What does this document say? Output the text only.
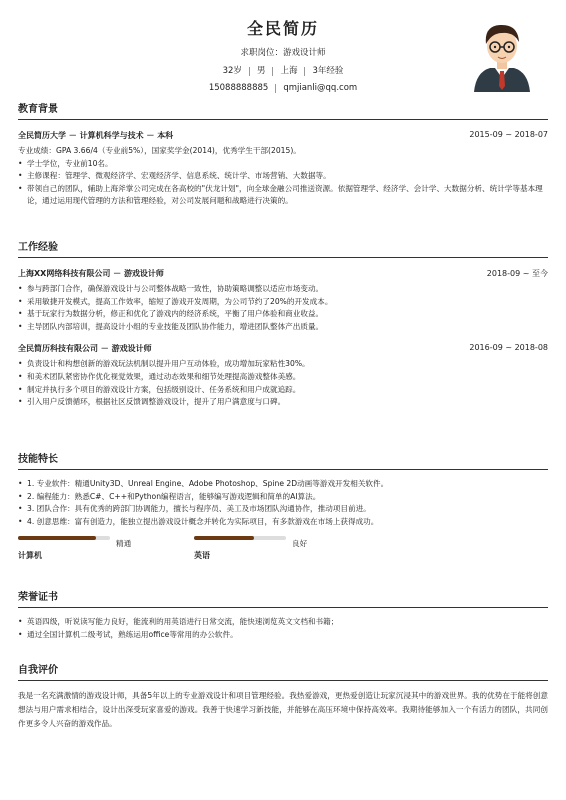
全民简历
求职岗位：游戏设计师
32岁 男 上海 3年经验
15088888885 qmjianli@qq.com
教育背景
全民简历大学 － 计算机科学与技术 － 本科	2015-09 ~ 2018-07
专业成绩：GPA 3.66/4（专业前5%），国家奖学金(2014)，优秀学生干部(2015)。
• 学士学位，专业前10名。
• 主修课程：管理学、微观经济学、宏观经济学、信息系统、统计学、市场营销、大数据等。
• 带领自己的团队，辅助上海斧掌公司完成在各高校的"伏龙计划"，向全球金融公司推送资源。依据管理学、经济学、会计学、大数据分析、统计学等基本理论，通过运用现代管理的方法和管理经验，对公司发展问题和战略进行决策的。
工作经验
上海XX网络科技有限公司 － 游戏设计师	2018-09 ~ 至今
• 参与跨部门合作，确保游戏设计与公司整体战略一致性，协助策略调整以适应市场变动。
• 采用敏捷开发模式，提高工作效率，缩短了游戏开发周期，为公司节约了20%的开发成本。
• 基于玩家行为数据分析，修正和优化了游戏内的经济系统，平衡了用户体验和商业收益。
• 主导团队内部培训，提高设计小组的专业技能及团队协作能力，增进团队整体产出质量。
全民简历科技有限公司 － 游戏设计师	2016-09 ~ 2018-08
• 负责设计和构想创新的游戏玩法机制以提升用户互动体验，成功增加玩家粘性30%。
• 和美术团队紧密协作优化视觉效果，通过动态效果和细节处理提高游戏整体美感。
• 制定并执行多个项目的游戏设计方案，包括级别设计、任务系统和用户成就追踪。
• 引入用户反馈循环，根据社区反馈调整游戏设计，提升了用户满意度与口碑。
技能特长
• 1. 专业软件：精通Unity3D、Unreal Engine、Adobe Photoshop、Spine 2D动画等游戏开发相关软件。
• 2. 编程能力：熟悉C#、C++和Python编程语言，能够编写游戏逻辑和简单的AI算法。
• 3. 团队合作：具有优秀的跨部门协调能力，擅长与程序员、美工及市场团队沟通协作，推动项目前进。
• 4. 创意思维：富有创造力，能独立提出游戏设计概念并转化为实际项目，有多款游戏在市场上获得成功。
精通
计算机
良好
英语
荣誉证书
• 英语四级，听说读写能力良好，能流利的用英语进行日常交流，能快速浏览英文文档和书籍；
• 通过全国计算机二级考试，熟练运用office等常用的办公软件。
自我评价
我是一名充满激情的游戏设计师，具备5年以上的专业游戏设计和项目管理经验。我热爱游戏，更热爱创造让玩家沉浸其中的游戏世界。我的优势在于能将创意想法与用户需求相结合，设计出深受玩家喜爱的游戏。我善于快速学习新技能，并能够在高压环境中保持高效率。我期待能够加入一个有活力的团队，共同创作更多令人兴奋的游戏作品。
